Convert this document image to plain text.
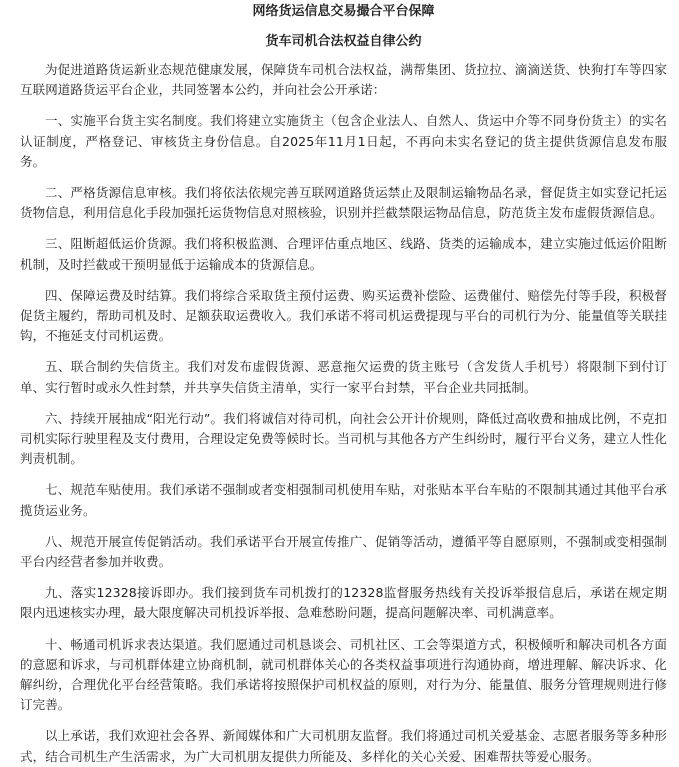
网络货运信息交易撮合平台保障
货车司机合法权益自律公约

为促进道路货运新业态规范健康发展，保障货车司机合法权益，满帮集团、货拉拉、滴滴送货、快狗打车等四家互联网道路货运平台企业，共同签署本公约，并向社会公开承诺：

一、实施平台货主实名制度。我们将建立实施货主（包含企业法人、自然人、货运中介等不同身份货主）的实名认证制度，严格登记、审核货主身份信息。自2025年11月1日起，不再向未实名登记的货主提供货源信息发布服务。

二、严格货源信息审核。我们将依法依规完善互联网道路货运禁止及限制运输物品名录，督促货主如实登记托运货物信息，利用信息化手段加强托运货物信息对照核验，识别并拦截禁限运物品信息，防范货主发布虚假货源信息。

三、阻断超低运价货源。我们将积极监测、合理评估重点地区、线路、货类的运输成本，建立实施过低运价阻断机制，及时拦截或干预明显低于运输成本的货源信息。

四、保障运费及时结算。我们将综合采取货主预付运费、购买运费补偿险、运费催付、赔偿先付等手段，积极督促货主履约，帮助司机及时、足额获取运费收入。我们承诺不将司机运费提现与平台的司机行为分、能量值等关联挂钩，不拖延支付司机运费。

五、联合制约失信货主。我们对发布虚假货源、恶意拖欠运费的货主账号（含发货人手机号）将限制下到付订单、实行暂时或永久性封禁，并共享失信货主清单，实行一家平台封禁，平台企业共同抵制。

六、持续开展抽成“阳光行动”。我们将诚信对待司机，向社会公开计价规则，降低过高收费和抽成比例，不克扣司机实际行驶里程及支付费用，合理设定免费等候时长。当司机与其他各方产生纠纷时，履行平台义务，建立人性化判责机制。

七、规范车贴使用。我们承诺不强制或者变相强制司机使用车贴，对张贴本平台车贴的不限制其通过其他平台承揽货运业务。

八、规范开展宣传促销活动。我们承诺平台开展宣传推广、促销等活动，遵循平等自愿原则，不强制或变相强制平台内经营者参加并收费。

九、落实12328接诉即办。我们接到货车司机拨打的12328监督服务热线有关投诉举报信息后，承诺在规定期限内迅速核实办理，最大限度解决司机投诉举报、急难愁盼问题，提高问题解决率、司机满意率。

十、畅通司机诉求表达渠道。我们愿通过司机恳谈会、司机社区、工会等渠道方式，积极倾听和解决司机各方面的意愿和诉求，与司机群体建立协商机制，就司机群体关心的各类权益事项进行沟通协商，增进理解、解决诉求、化解纠纷，合理优化平台经营策略。我们承诺将按照保护司机权益的原则，对行为分、能量值、服务分管理规则进行修订完善。

以上承诺，我们欢迎社会各界、新闻媒体和广大司机朋友监督。我们将通过司机关爱基金、志愿者服务等多种形式，结合司机生产生活需求，为广大司机朋友提供力所能及、多样化的关心关爱、困难帮扶等爱心服务。
